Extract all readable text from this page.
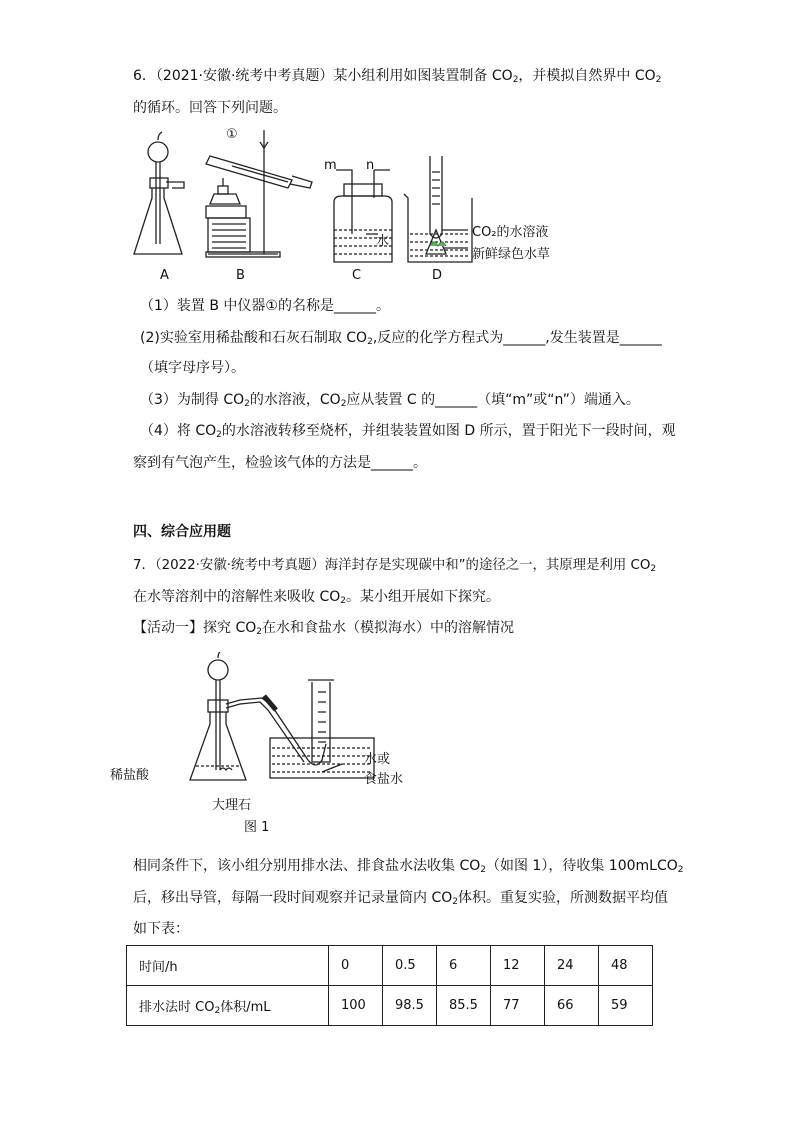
6．（2021·安徽·统考中考真题）某小组利用如图装置制备 $CO_2$，并模拟自然界中 $CO_2$
的循环。回答下列问题。
①
m n
水
CO₂的水溶液
新鲜绿色水草
A	B	C	D
（1）装置 B 中仪器①的名称是______。
(2)实验室用稀盐酸和石灰石制取 $CO_2$,反应的化学方程式为______,发生装置是______
（填字母序号）。
（3）为制得 $CO_2$的水溶液，$CO_2$应从装置 C 的______（填“m”或“n”）端通入。
（4）将 $CO_2$的水溶液转移至烧杯，并组装装置如图 D 所示，置于阳光下一段时间，观
察到有气泡产生，检验该气体的方法是______。
四、综合应用题
7．（2022·安徽·统考中考真题）海洋封存是实现碳中和”的途径之一，其原理是利用 $CO_2$
在水等溶剂中的溶解性来吸收 $CO_2$。某小组开展如下探究。
【活动一】探究 $CO_2$在水和食盐水（模拟海水）中的溶解情况
稀盐酸
大理石
水或
食盐水
图 1
相同条件下，该小组分别用排水法、排食盐水法收集 $CO_2$（如图 1），待收集 100mLCO$_2$
后，移出导管，每隔一段时间观察并记录量筒内 $CO_2$体积。重复实验，所测数据平均值
如下表：
时间/h	0	0.5	6	12	24	48
排水法时 $CO_2$体积/mL	100	98.5	85.5	77	66	59
